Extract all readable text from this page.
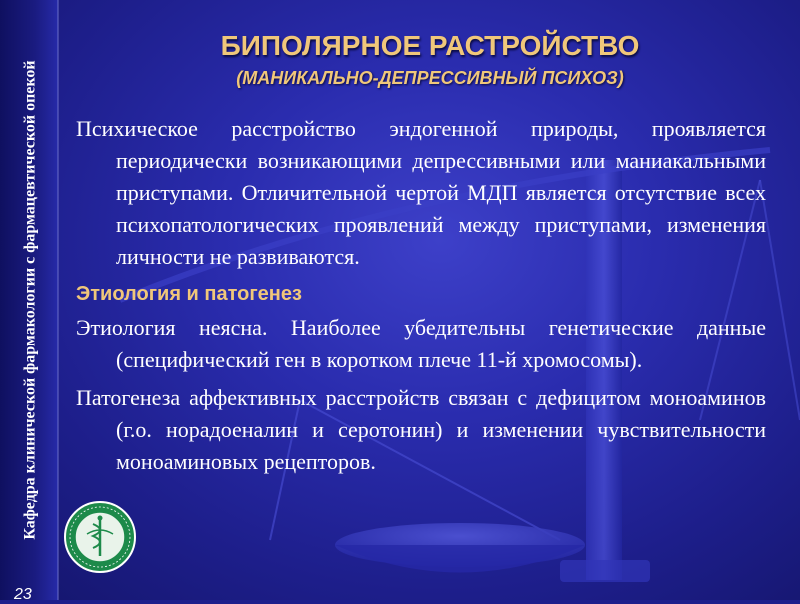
Кафедра клинической фармакологии с фармацевтической опекой
23
БИПОЛЯРНОЕ РАСТРОЙСТВО
(МАНИКАЛЬНО-ДЕПРЕССИВНЫЙ ПСИХОЗ)

Психическое расстройство эндогенной природы, проявляется периодически возникающими депрессивными или маниакальными приступами. Отличительной чертой МДП является отсутствие всех психопатологических проявлений между приступами, изменения личности не развиваются.

Этиология и патогенез

Этиология неясна. Наиболее убедительны генетические данные (специфический ген в коротком плече 11-й хромосомы).

Патогенеза аффективных расстройств связан с дефицитом моноаминов (г.о. норадоеналин и серотонин) и изменении чувствительности моноаминовых рецепторов.
